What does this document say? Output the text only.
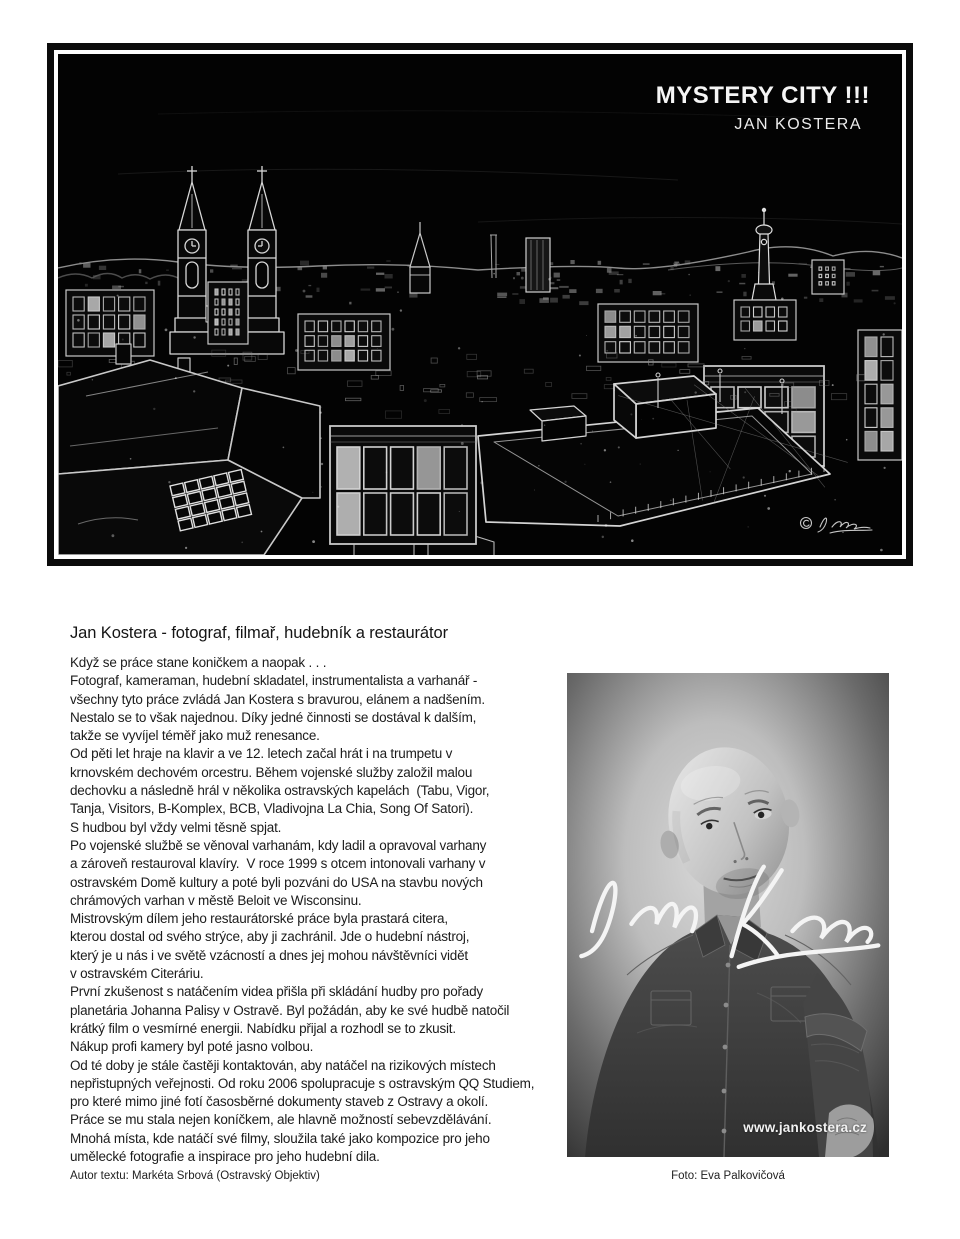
MYSTERY CITY !!!
JAN KOSTERA
Jan Kostera - fotograf, filmař, hudebník a restaurátor
Když se práce stane koničkem a naopak . . .
Fotograf, kameraman, hudební skladatel, instrumentalista a varhanář -
všechny tyto práce zvládá Jan Kostera s bravurou, elánem a nadšením.
Nestalo se to však najednou. Díky jedné činnosti se dostával k dalším,
takže se vyvíjel téměř jako muž renesance.
Od pěti let hraje na klavir a ve 12. letech začal hrát i na trumpetu v
krnovském dechovém orcestru. Během vojenské služby založil malou
dechovku a následně hrál v několika ostravských kapelách  (Tabu, Vigor,
Tanja, Visitors, B-Komplex, BCB, Vladivojna La Chia, Song Of Satori).
S hudbou byl vždy velmi těsně spjat.
Po vojenské službě se věnoval varhanám, kdy ladil a opravoval varhany
a zároveň restauroval klavíry.  V roce 1999 s otcem intonovali varhany v
ostravském Domě kultury a poté byli pozváni do USA na stavbu nových
chrámových varhan v městě Beloit ve Wisconsinu.
Mistrovským dílem jeho restaurátorské práce byla prastará citera,
kterou dostal od svého strýce, aby ji zachránil. Jde o hudební nástroj,
který je u nás i ve světě vzácností a dnes jej mohou návštěvníci vidět
v ostravském Citeráriu.
První zkušenost s natáčením videa přišla při skládání hudby pro pořady
planetária Johanna Palisy v Ostravě. Byl požádán, aby ke své hudbě natočil
krátký film o vesmírné energii. Nabídku přijal a rozhodl se to zkusit.
Nákup profi kamery byl poté jasno volbou.
Od té doby je stále častěji kontaktován, aby natáčel na rizikových místech
nepřistupných veřejnosti. Od roku 2006 spolupracuje s ostravským QQ Studiem,
pro které mimo jiné fotí časosběrné dokumenty staveb z Ostravy a okolí.
Práce se mu stala nejen koníčkem, ale hlavně možností sebevzdělávání.
Mnohá místa, kde natáčí své filmy, sloužila také jako kompozice pro jeho
umělecké fotografie a inspirace pro jeho hudební dila.
www.jankostera.cz
Autor textu: Markéta Srbová (Ostravský Objektiv)	Foto: Eva Palkovičová
